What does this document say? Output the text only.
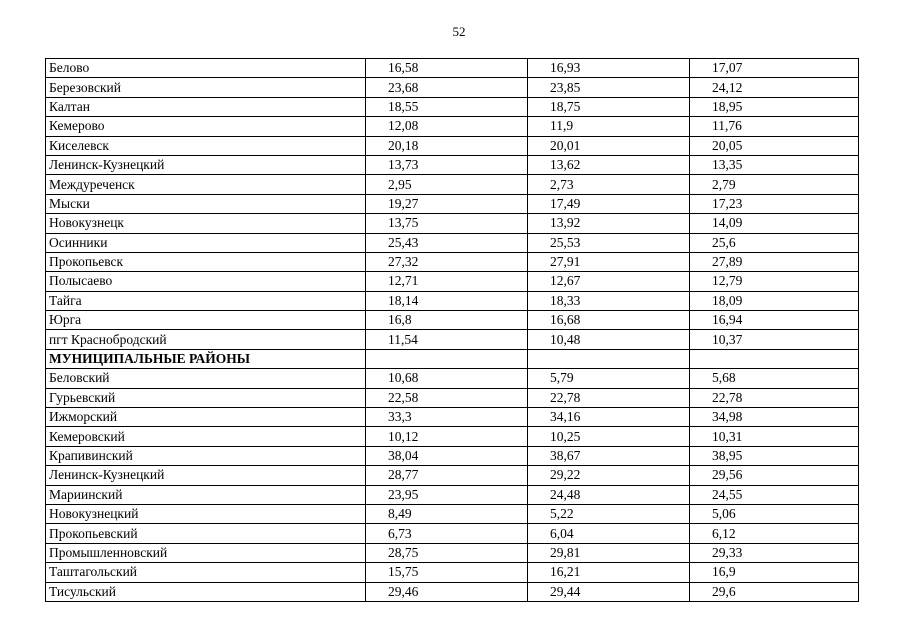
52
Белово	16,58	16,93	17,07
Березовский	23,68	23,85	24,12
Калтан	18,55	18,75	18,95
Кемерово	12,08	11,9	11,76
Киселевск	20,18	20,01	20,05
Ленинск-Кузнецкий	13,73	13,62	13,35
Междуреченск	2,95	2,73	2,79
Мыски	19,27	17,49	17,23
Новокузнецк	13,75	13,92	14,09
Осинники	25,43	25,53	25,6
Прокопьевск	27,32	27,91	27,89
Полысаево	12,71	12,67	12,79
Тайга	18,14	18,33	18,09
Юрга	16,8	16,68	16,94
пгт Краснобродский	11,54	10,48	10,37
МУНИЦИПАЛЬНЫЕ РАЙОНЫ			
Беловский	10,68	5,79	5,68
Гурьевский	22,58	22,78	22,78
Ижморский	33,3	34,16	34,98
Кемеровский	10,12	10,25	10,31
Крапивинский	38,04	38,67	38,95
Ленинск-Кузнецкий	28,77	29,22	29,56
Мариинский	23,95	24,48	24,55
Новокузнецкий	8,49	5,22	5,06
Прокопьевский	6,73	6,04	6,12
Промышленновский	28,75	29,81	29,33
Таштагольский	15,75	16,21	16,9
Тисульский	29,46	29,44	29,6
